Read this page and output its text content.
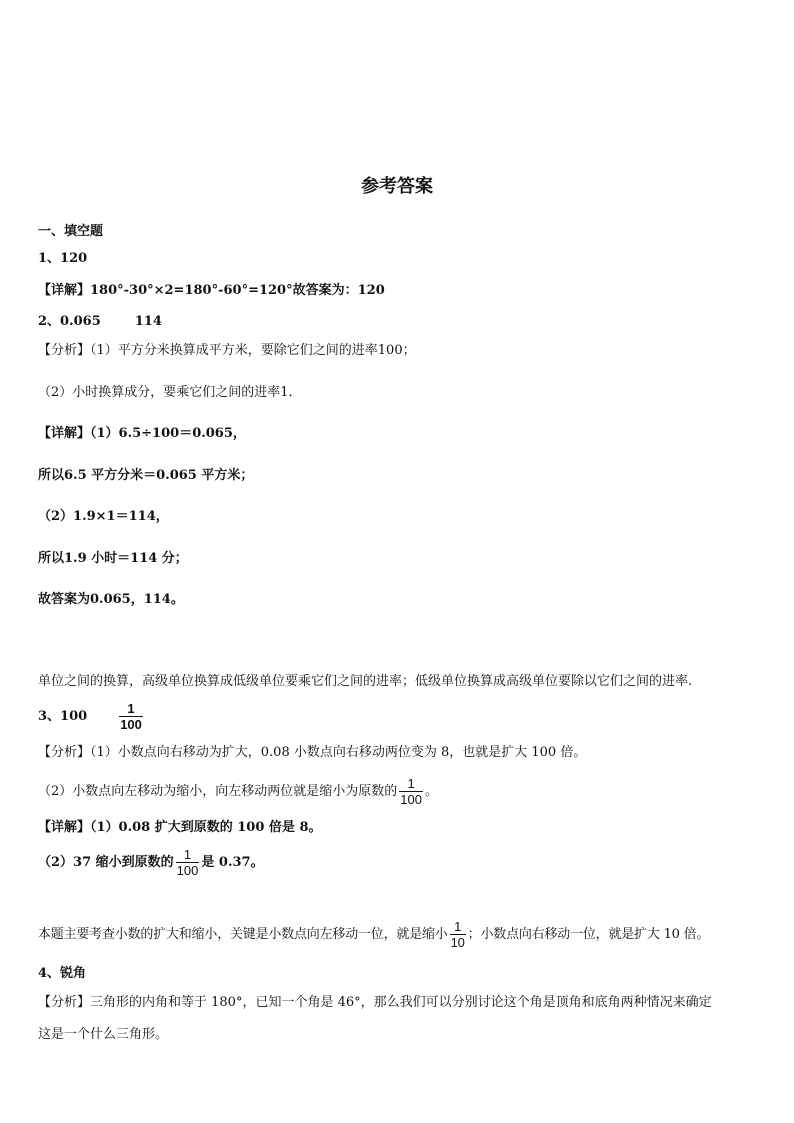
参考答案
一、填空题
1、120
【详解】180°-30°×2=180°-60°=120°故答案为：120
2、0.065	114
【分析】（1）平方分米换算成平方米，要除它们之间的进率100；
（2）小时换算成分，要乘它们之间的进率1．
【详解】（1）6.5÷100＝0.065，
所以6.5 平方分米＝0.065 平方米；
（2）1.9×1＝114，
所以1.9 小时＝114 分；
故答案为0.065，114。
单位之间的换算，高级单位换算成低级单位要乘它们之间的进率；低级单位换算成高级单位要除以它们之间的进率.
3、$100 \frac{1}{100}$
【分析】（1）小数点向右移动为扩大，0.08 小数点向右移动两位变为 8，也就是扩大 100 倍。
（2）小数点向左移动为缩小，向左移动两位就是缩小为原数的 $\frac{1}{100}$ 。
【详解】（1）0.08 扩大到原数的 100 倍是 8。
（2）37 缩小到原数的 $\frac{1}{100}$ 是 0.37。
本题主要考查小数的扩大和缩小，关键是小数点向左移动一位，就是缩小 $\frac{1}{10}$ ；小数点向右移动一位，就是扩大 10 倍。
4、锐角
【分析】三角形的内角和等于 180°，已知一个角是 46°，那么我们可以分别讨论这个角是顶角和底角两种情况来确定
这是一个什么三角形。
